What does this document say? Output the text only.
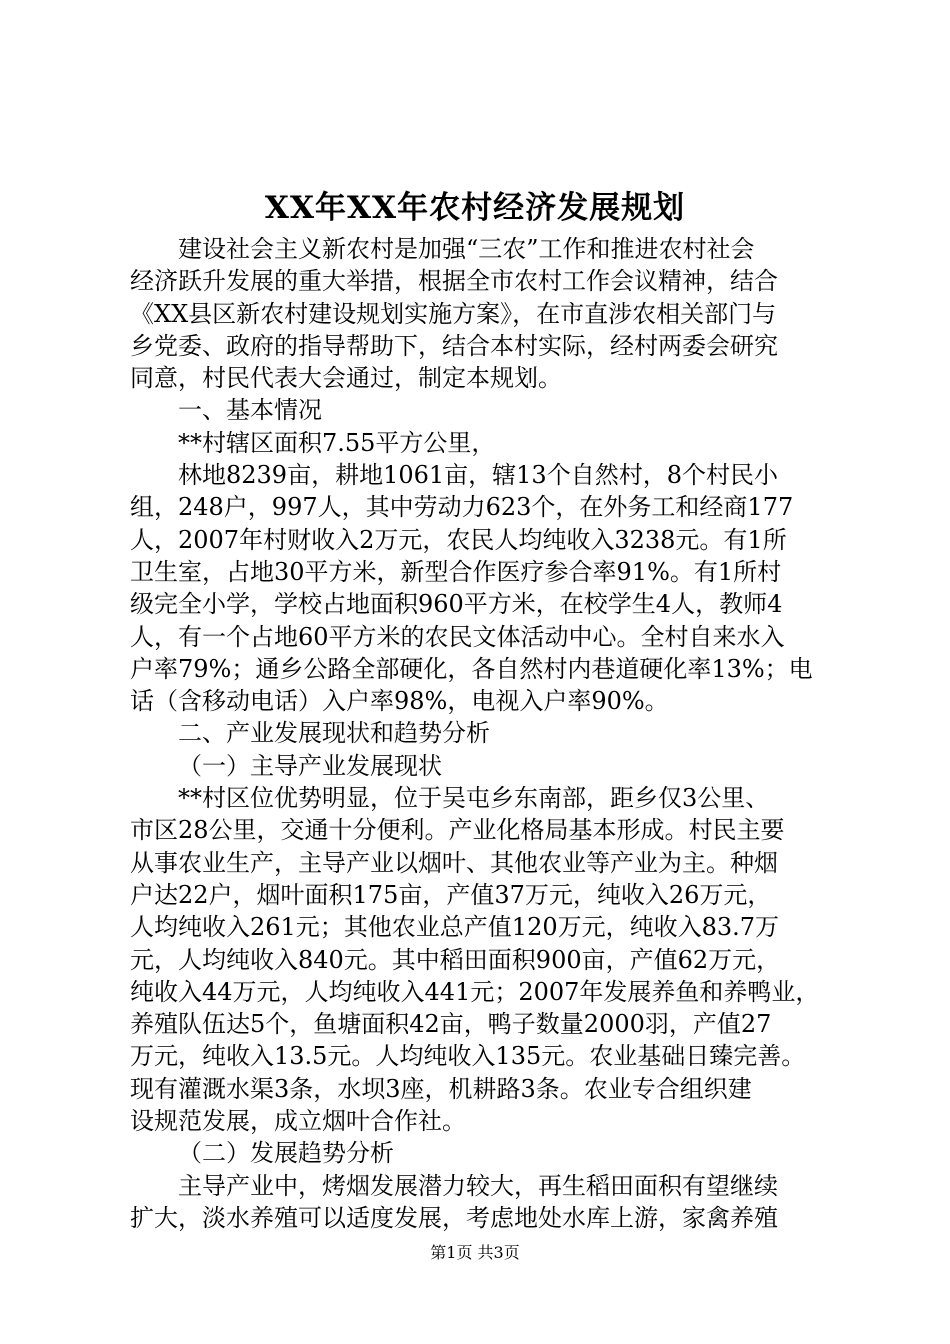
XX年XX年农村经济发展规划

建设社会主义新农村是加强“三农”工作和推进农村社会

经济跃升发展的重大举措，根据全市农村工作会议精神，结合

《XX县区新农村建设规划实施方案》，在市直涉农相关部门与

乡党委、政府的指导帮助下，结合本村实际，经村两委会研究

同意，村民代表大会通过，制定本规划。

一、基本情况

**村辖区面积7.55平方公里，

林地8239亩，耕地1061亩，辖13个自然村，8个村民小

组，248户，997人，其中劳动力623个，在外务工和经商177

人，2007年村财收入2万元，农民人均纯收入3238元。有1所

卫生室，占地30平方米，新型合作医疗参合率91%。有1所村

级完全小学，学校占地面积960平方米，在校学生4人，教师4

人，有一个占地60平方米的农民文体活动中心。全村自来水入

户率79%；通乡公路全部硬化，各自然村内巷道硬化率13%；电

话（含移动电话）入户率98%，电视入户率90%。

二、产业发展现状和趋势分析

（一）主导产业发展现状

**村区位优势明显，位于吴屯乡东南部，距乡仅3公里、

市区28公里，交通十分便利。产业化格局基本形成。村民主要

从事农业生产，主导产业以烟叶、其他农业等产业为主。种烟

户达22户，烟叶面积175亩，产值37万元，纯收入26万元，

人均纯收入261元；其他农业总产值120万元，纯收入83.7万

元，人均纯收入840元。其中稻田面积900亩，产值62万元，

纯收入44万元，人均纯收入441元；2007年发展养鱼和养鸭业，

养殖队伍达5个，鱼塘面积42亩，鸭子数量2000羽，产值27

万元，纯收入13.5元。人均纯收入135元。农业基础日臻完善。

现有灌溉水渠3条，水坝3座，机耕路3条。农业专合组织建

设规范发展，成立烟叶合作社。

（二）发展趋势分析

主导产业中，烤烟发展潜力较大，再生稻田面积有望继续

扩大，淡水养殖可以适度发展，考虑地处水库上游，家禽养殖

第1页 共3页
